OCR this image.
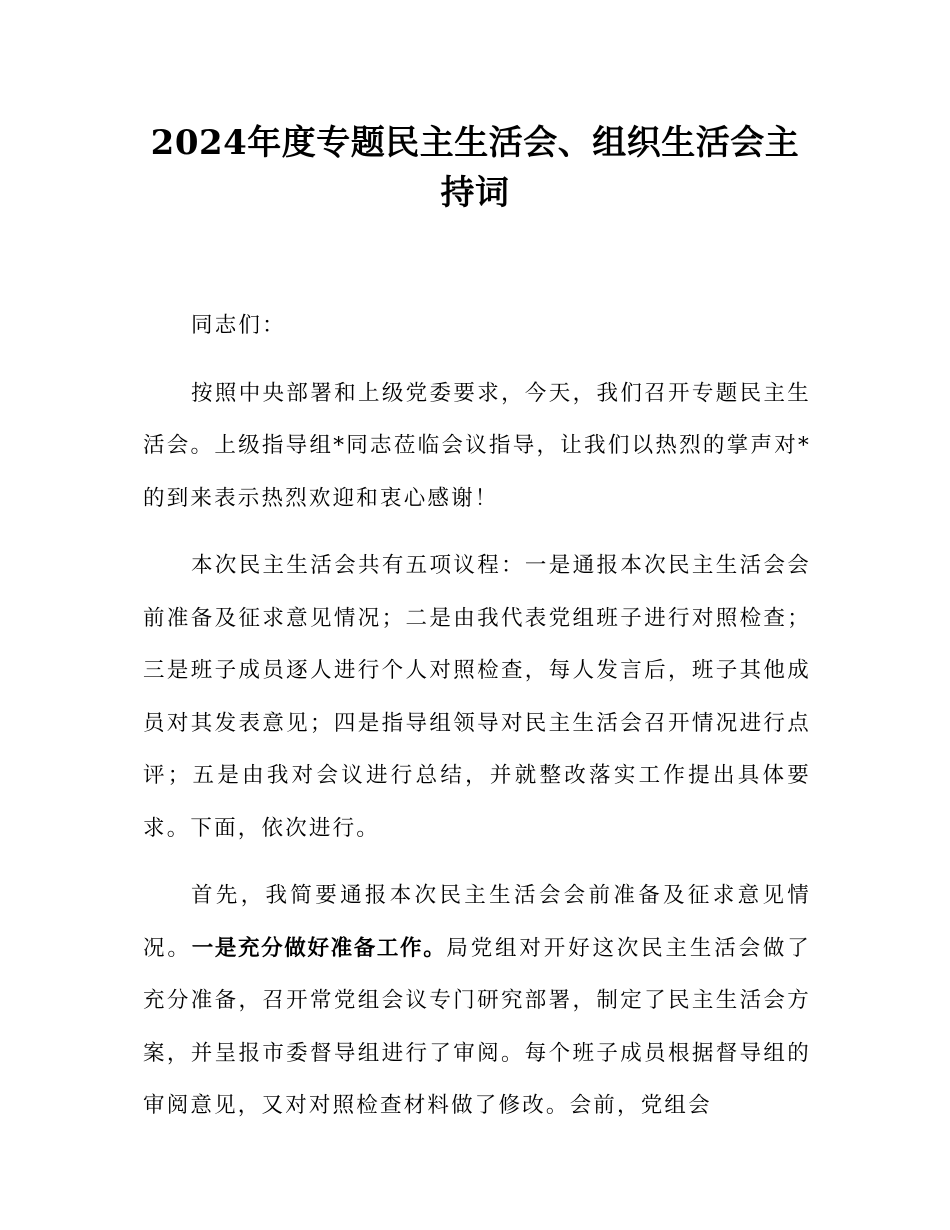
2024年度专题民主生活会、组织生活会主持词

同志们：

按照中央部署和上级党委要求，今天，我们召开专题民主生活会。上级指导组*同志莅临会议指导，让我们以热烈的掌声对*的到来表示热烈欢迎和衷心感谢！

本次民主生活会共有五项议程：一是通报本次民主生活会会前准备及征求意见情况；二是由我代表党组班子进行对照检查；三是班子成员逐人进行个人对照检查，每人发言后，班子其他成员对其发表意见；四是指导组领导对民主生活会召开情况进行点评；五是由我对会议进行总结，并就整改落实工作提出具体要求。下面，依次进行。

首先，我简要通报本次民主生活会会前准备及征求意见情况。一是充分做好准备工作。局党组对开好这次民主生活会做了充分准备，召开常党组会议专门研究部署，制定了民主生活会方案，并呈报市委督导组进行了审阅。每个班子成员根据督导组的审阅意见，又对对照检查材料做了修改。会前，党组会
